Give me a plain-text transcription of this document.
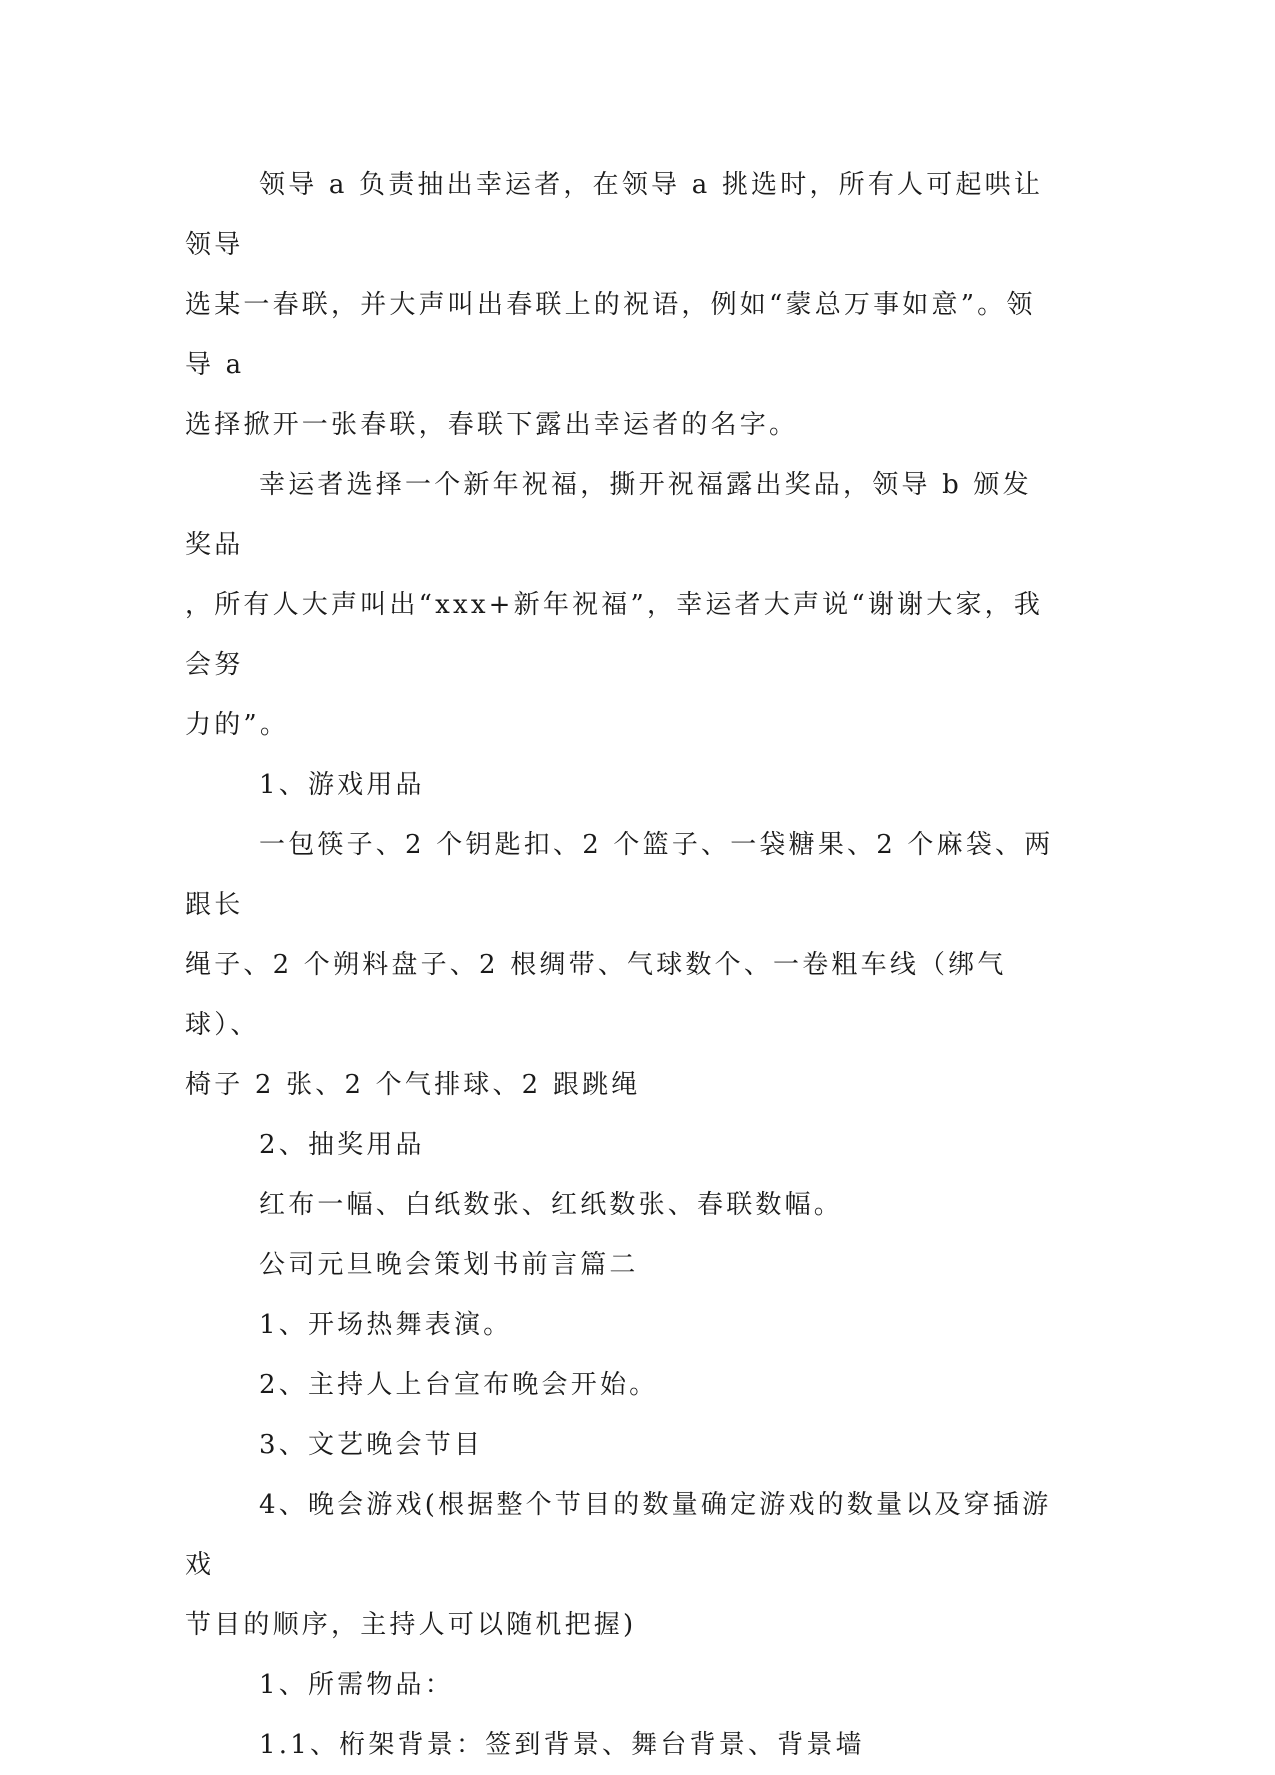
领导 a 负责抽出幸运者，在领导 a 挑选时，所有人可起哄让领导
选某一春联，并大声叫出春联上的祝语，例如“蒙总万事如意”。领导 a
选择掀开一张春联，春联下露出幸运者的名字。

幸运者选择一个新年祝福，撕开祝福露出奖品，领导 b 颁发奖品
，所有人大声叫出“xxx+新年祝福”，幸运者大声说“谢谢大家，我会努
力的”。

1、游戏用品

一包筷子、2 个钥匙扣、2 个篮子、一袋糖果、2 个麻袋、两跟长
绳子、2 个朔料盘子、2 根绸带、气球数个、一卷粗车线（绑气球）、
椅子 2 张、2 个气排球、2 跟跳绳

2、抽奖用品

红布一幅、白纸数张、红纸数张、春联数幅。

公司元旦晚会策划书前言篇二

1、开场热舞表演。

2、主持人上台宣布晚会开始。

3、文艺晚会节目

4、晚会游戏(根据整个节目的数量确定游戏的数量以及穿插游戏
节目的顺序，主持人可以随机把握)

1、所需物品：

1.1、桁架背景：签到背景、舞台背景、背景墙
